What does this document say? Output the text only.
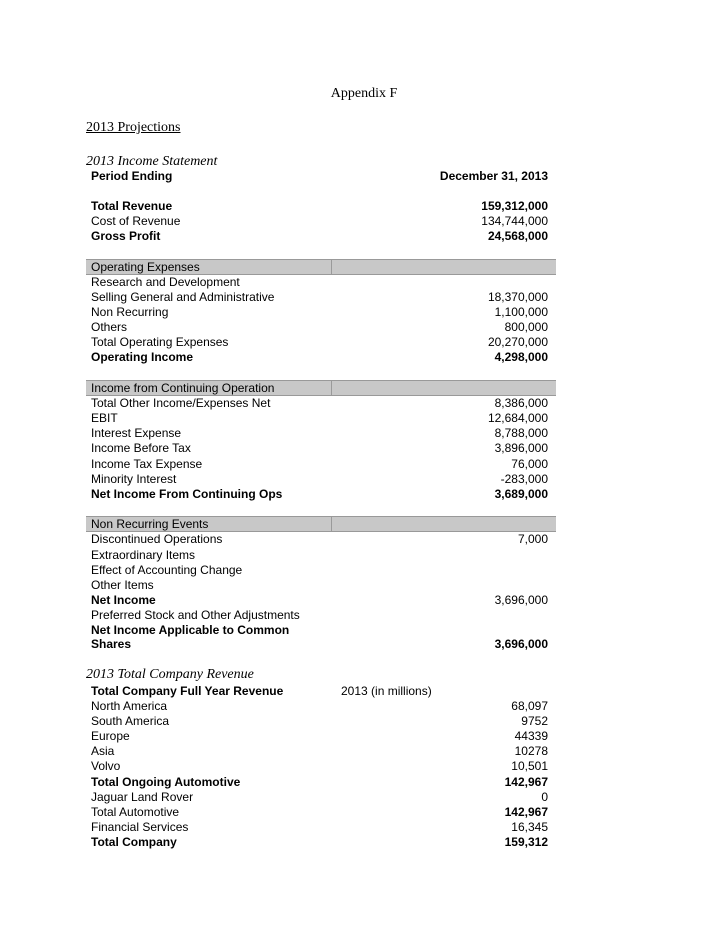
Appendix F
2013 Projections
2013 Income Statement
Period Ending	December 31, 2013
Total Revenue	159,312,000
Cost of Revenue	134,744,000
Gross Profit	24,568,000
Operating Expenses
Research and Development
Selling General and Administrative	18,370,000
Non Recurring	1,100,000
Others	800,000
Total Operating Expenses	20,270,000
Operating Income	4,298,000
Income from Continuing Operation
Total Other Income/Expenses Net	8,386,000
EBIT	12,684,000
Interest Expense	8,788,000
Income Before Tax	3,896,000
Income Tax Expense	76,000
Minority Interest	-283,000
Net Income From Continuing Ops	3,689,000
Non Recurring Events
Discontinued Operations	7,000
Extraordinary Items
Effect of Accounting Change
Other Items
Net Income	3,696,000
Preferred Stock and Other Adjustments
Net Income Applicable to Common
Shares	3,696,000
2013 Total Company Revenue
Total Company Full Year Revenue	2013 (in millions)
North America	68,097
South America	9752
Europe	44339
Asia	10278
Volvo	10,501
Total Ongoing Automotive	142,967
Jaguar Land Rover	0
Total Automotive	142,967
Financial Services	16,345
Total Company	159,312
